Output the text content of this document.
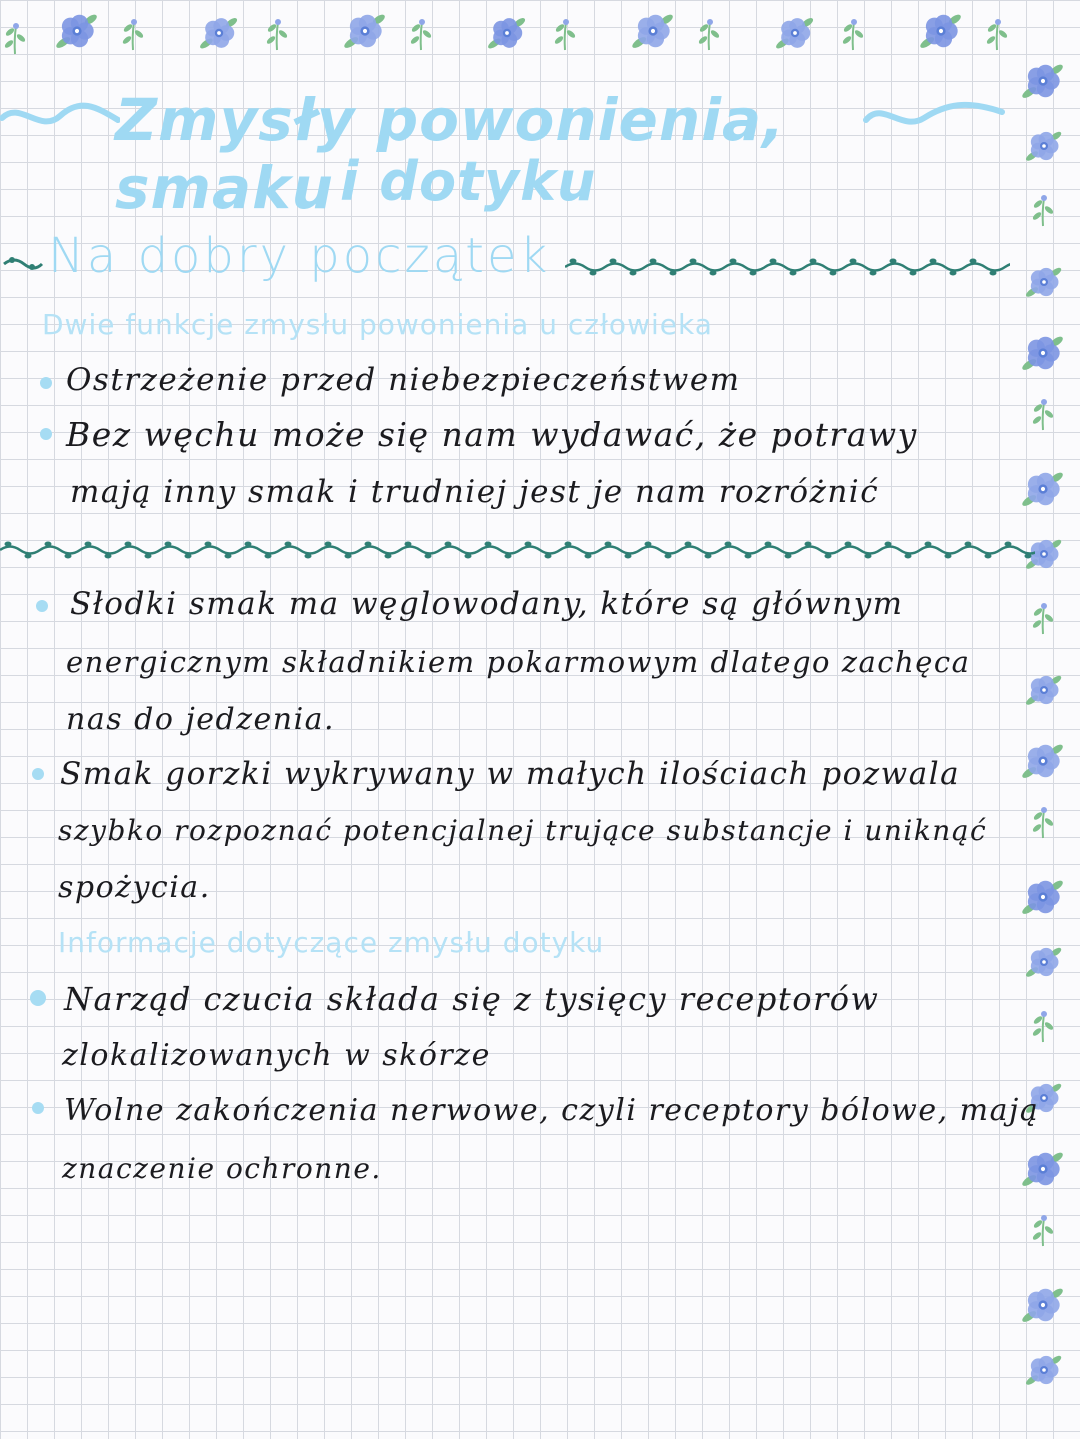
Zmysły powonienia, smaku i dotyku
Na dobry początek
Dwie funkcje zmysłu powonienia u człowieka
Ostrzeżenie przed niebezpieczeństwem
Bez węchu może się nam wydawać, że potrawy
mają inny smak i trudniej jest je nam rozróżnić
Słodki smak ma węglowodany, które są głównym
energicznym składnikiem pokarmowym dlatego zachęca
nas do jedzenia.
Smak gorzki wykrywany w małych ilościach pozwala
szybko rozpoznać potencjalnej trujące substancje i uniknąć
spożycia.
Informacje dotyczące zmysłu dotyku
Narząd czucia składa się z tysięcy receptorów
zlokalizowanych w skórze
Wolne zakończenia nerwowe, czyli receptory bólowe, mają
znaczenie ochronne.
